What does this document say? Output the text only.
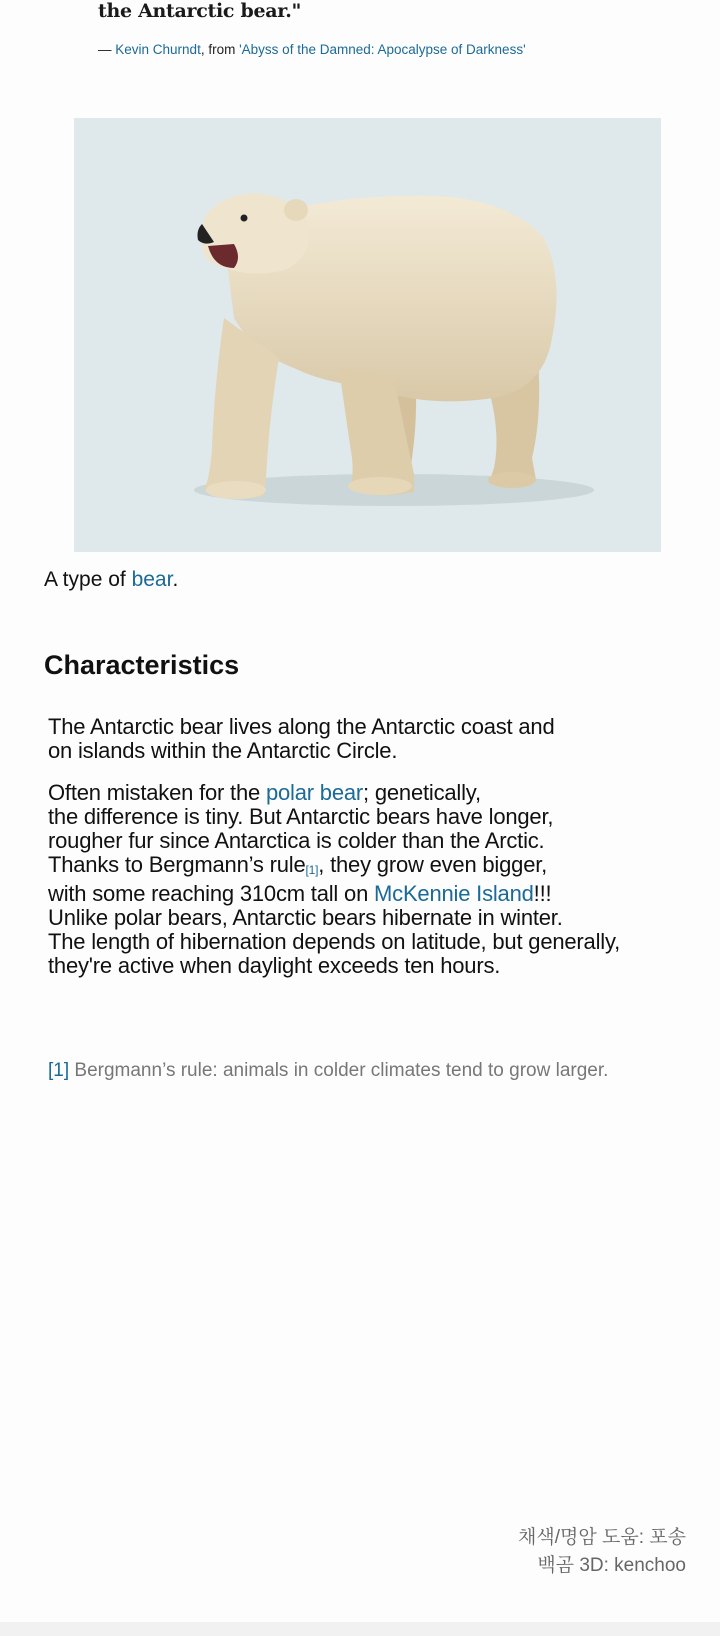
the Antarctic bear."
— Kevin Churndt, from 'Abyss of the Damned: Apocalypse of Darkness'
A type of bear.
Characteristics
The Antarctic bear lives along the Antarctic coast and
on islands within the Antarctic Circle.
Often mistaken for the polar bear; genetically,
the difference is tiny. But Antarctic bears have longer,
rougher fur since Antarctica is colder than the Arctic.
Thanks to Bergmann’s rule[1], they grow even bigger,
with some reaching 310cm tall on McKennie Island!!!
Unlike polar bears, Antarctic bears hibernate in winter.
The length of hibernation depends on latitude, but generally,
they're active when daylight exceeds ten hours.
[1] Bergmann’s rule: animals in colder climates tend to grow larger.
채색/명암 도움: 포송
백곰 3D: kenchoo
